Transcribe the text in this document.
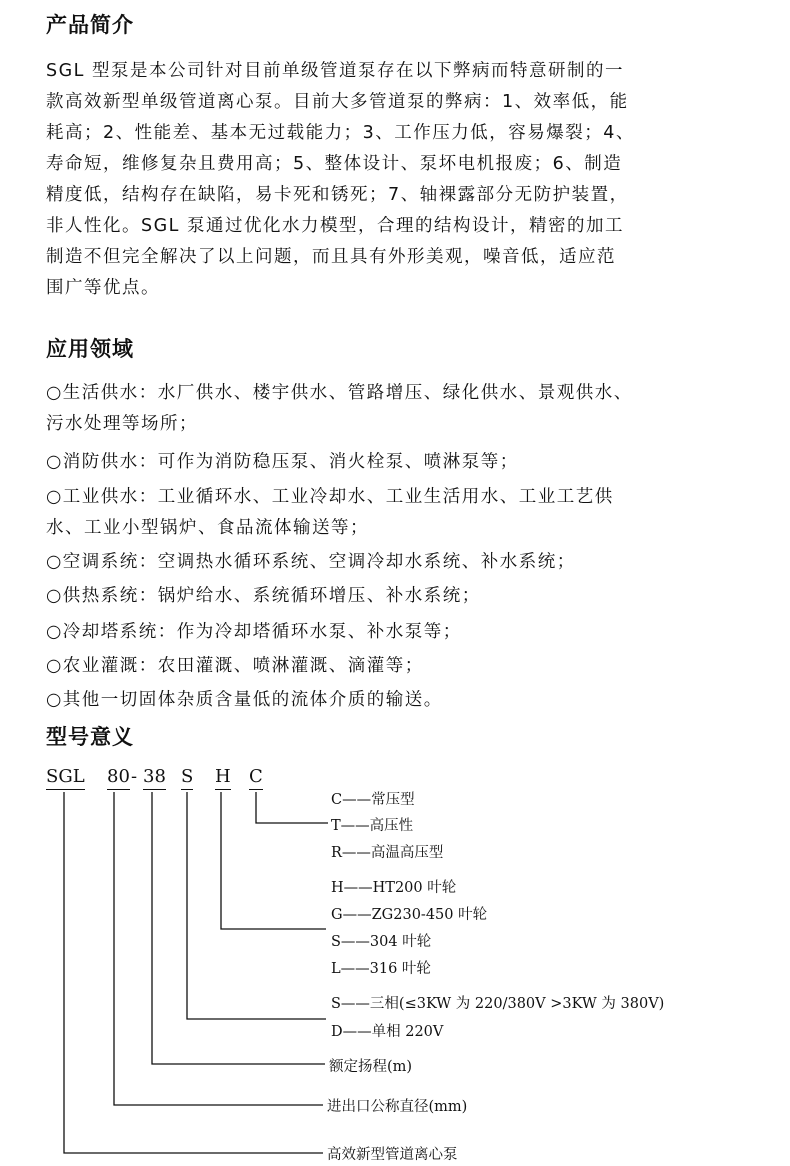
产品简介
SGL 型泵是本公司针对目前单级管道泵存在以下弊病而特意研制的一
款高效新型单级管道离心泵。目前大多管道泵的弊病：1、效率低，能
耗高；2、性能差、基本无过载能力；3、工作压力低，容易爆裂；4、
寿命短，维修复杂且费用高；5、整体设计、泵坏电机报废；6、制造
精度低，结构存在缺陷，易卡死和锈死；7、轴裸露部分无防护装置，
非人性化。SGL 泵通过优化水力模型，合理的结构设计，精密的加工
制造不但完全解决了以上问题，而且具有外形美观，噪音低，适应范
围广等优点。
应用领域
○生活供水：水厂供水、楼宇供水、管路增压、绿化供水、景观供水、
污水处理等场所；
○消防供水：可作为消防稳压泵、消火栓泵、喷淋泵等；
○工业供水：工业循环水、工业冷却水、工业生活用水、工业工艺供
水、工业小型锅炉、食品流体输送等；
○空调系统：空调热水循环系统、空调冷却水系统、补水系统；
○供热系统：锅炉给水、系统循环增压、补水系统；
○冷却塔系统：作为冷却塔循环水泵、补水泵等；
○农业灌溉：农田灌溉、喷淋灌溉、滴灌等；
○其他一切固体杂质含量低的流体介质的输送。
型号意义
SGL 80 - 38 S H C
C——常压型
T——高压性
R——高温高压型
H——HT200 叶轮
G——ZG230-450 叶轮
S——304 叶轮
L——316 叶轮
S——三相(≤3KW 为 220/380V >3KW 为 380V)
D——单相 220V
额定扬程(m)
进出口公称直径(mm)
高效新型管道离心泵
